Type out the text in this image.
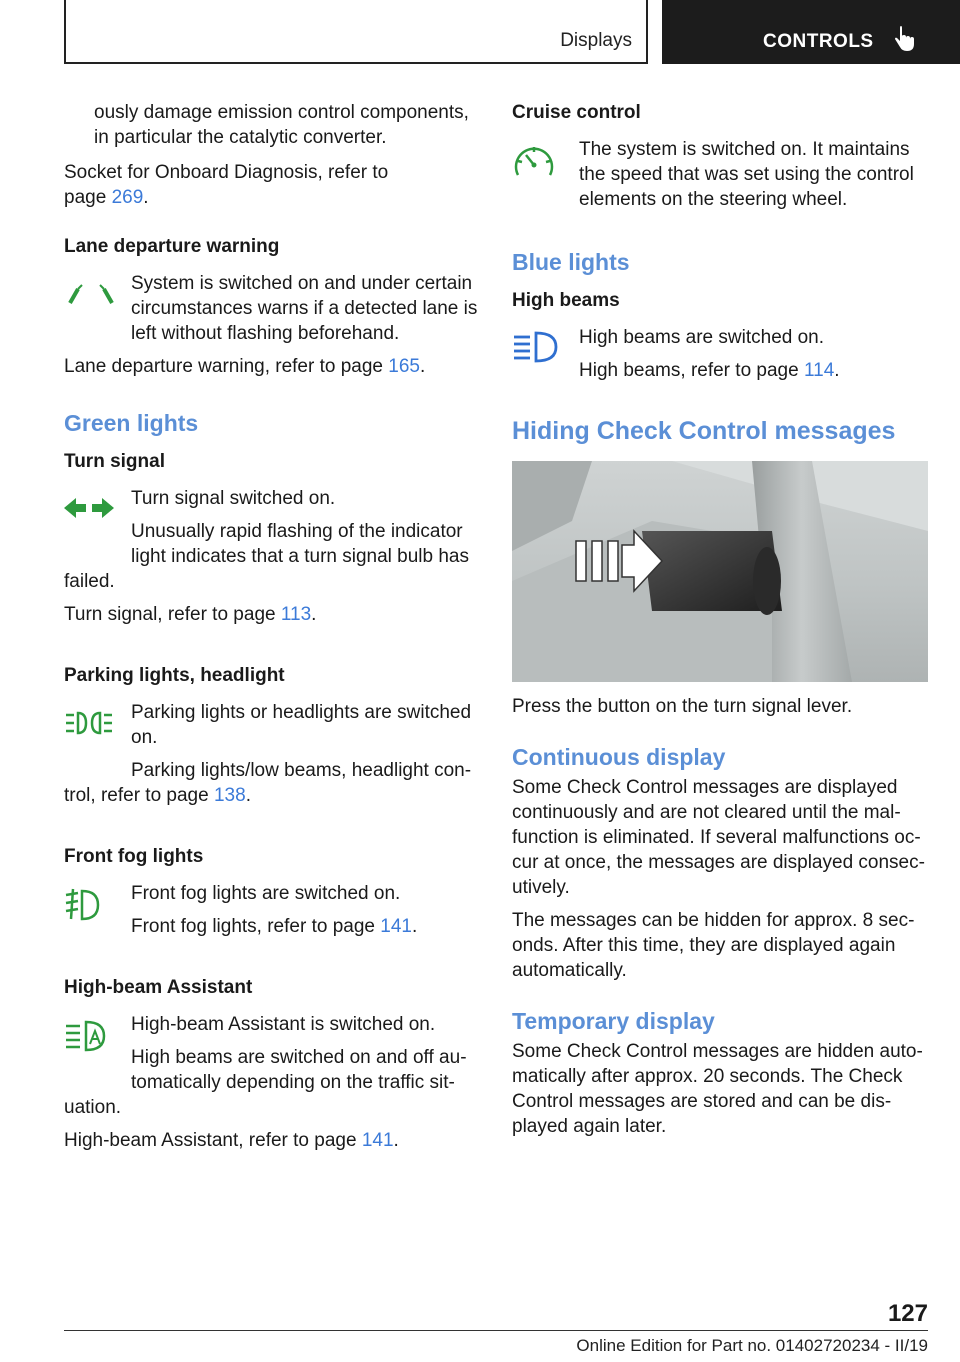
Displays	CONTROLS

ously damage emission control components,

in particular the catalytic converter.

Socket for Onboard Diagnosis, refer to

page 269.

Lane departure warning

System is switched on and under certain

circumstances warns if a detected lane is

left without flashing beforehand.

Lane departure warning, refer to page 165.

Green lights

Turn signal

Turn signal switched on.

Unusually rapid flashing of the indicator

light indicates that a turn signal bulb has

failed.

Turn signal, refer to page 113.

Parking lights, headlight

Parking lights or headlights are switched

on.

Parking lights/low beams, headlight con-

trol, refer to page 138.

Front fog lights

Front fog lights are switched on.

Front fog lights, refer to page 141.

High-beam Assistant

High-beam Assistant is switched on.

High beams are switched on and off au-

tomatically depending on the traffic sit-

uation.

High-beam Assistant, refer to page 141.

Cruise control

The system is switched on. It maintains

the speed that was set using the control

elements on the steering wheel.

Blue lights

High beams

High beams are switched on.

High beams, refer to page 114.

Hiding Check Control messages

Press the button on the turn signal lever.

Continuous display

Some Check Control messages are displayed

continuously and are not cleared until the mal-

function is eliminated. If several malfunctions oc-

cur at once, the messages are displayed consec-

utively.

The messages can be hidden for approx. 8 sec-

onds. After this time, they are displayed again

automatically.

Temporary display

Some Check Control messages are hidden auto-

matically after approx. 20 seconds. The Check

Control messages are stored and can be dis-

played again later.

127
Online Edition for Part no. 01402720234 - II/19
